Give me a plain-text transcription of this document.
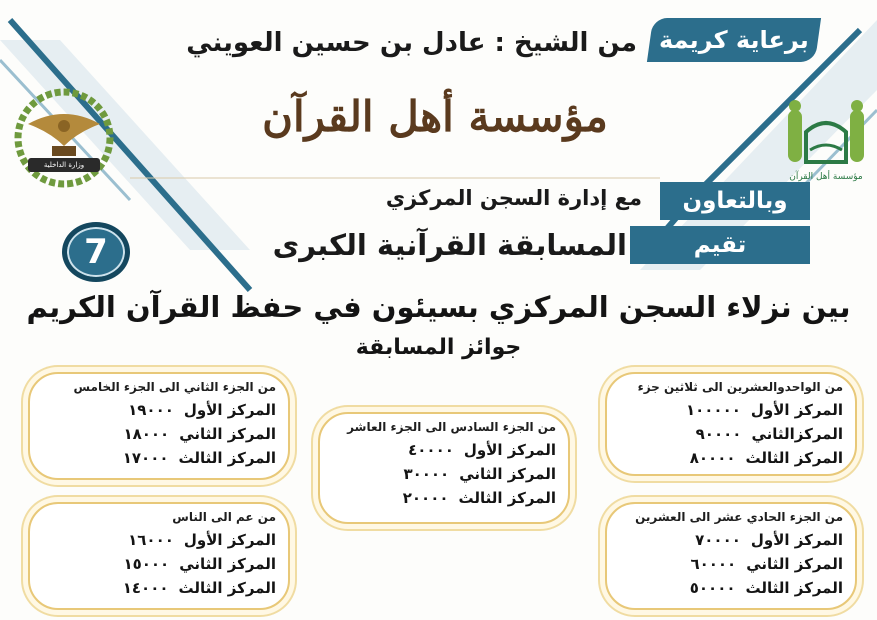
وزارة الداخلية
مؤسسة أهل القرآن
برعاية كريمة
من الشيخ : عادل بن حسين العويني
مؤسسة أهل القرآن
وبالتعاون
مع إدارة السجن المركزي
تقيم
المسابقة القرآنية الكبرى
7
بين نزلاء السجن المركزي بسيئون في حفظ القرآن الكريم
جوائز المسابقة
من الواحدوالعشرين الى ثلاثين جزء
المركز الأول١٠٠٠٠٠
المركزالثاني٩٠٠٠٠
المركز الثالث٨٠٠٠٠
من الجزء الحادي عشر الى العشرين
المركز الأول٧٠٠٠٠
المركز الثاني٦٠٠٠٠
المركز الثالث٥٠٠٠٠
من الجزء السادس الى الجزء العاشر
المركز الأول٤٠٠٠٠
المركز الثاني٣٠٠٠٠
المركز الثالث٢٠٠٠٠
من الجزء الثاني الى الجزء الخامس
المركز الأول١٩٠٠٠
المركز الثاني١٨٠٠٠
المركز الثالث١٧٠٠٠
من عم الى الناس
المركز الأول١٦٠٠٠
المركز الثاني١٥٠٠٠
المركز الثالث١٤٠٠٠
